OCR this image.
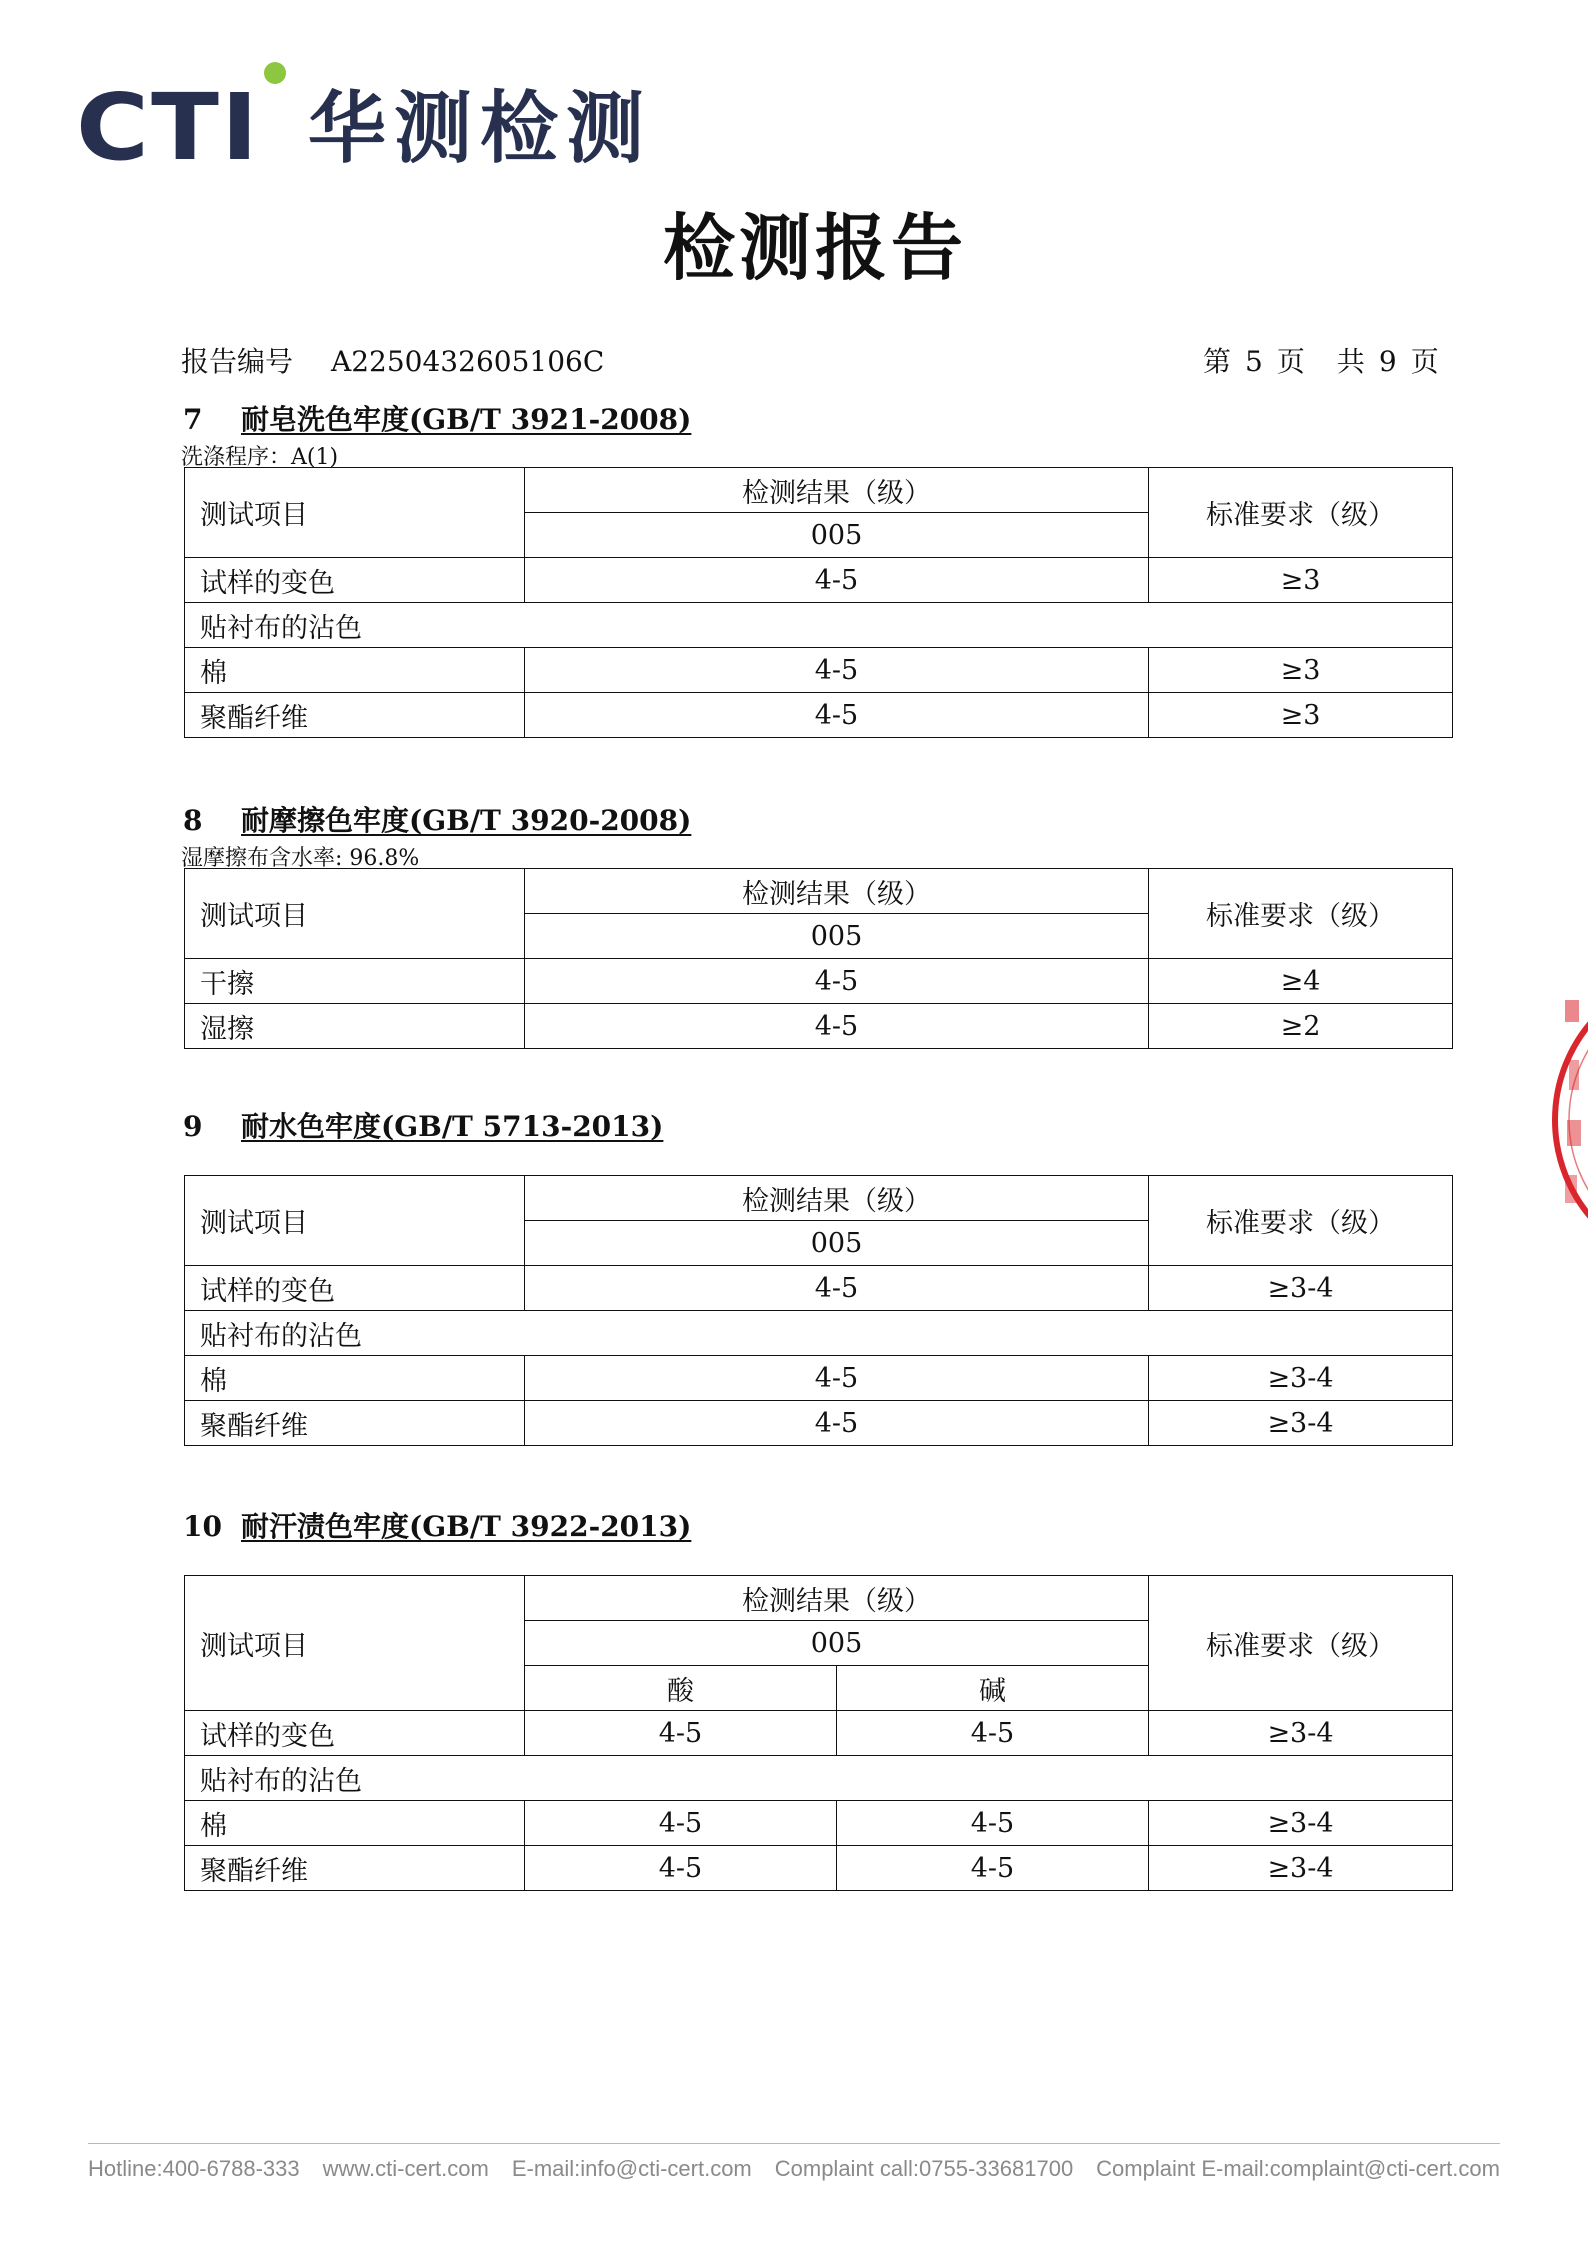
CTI 华测检测
检测报告
报告编号 A2250432605106C	第 5 页 共 9 页
7 耐皂洗色牢度(GB/T 3921-2008)
洗涤程序：A(1)
测试项目	检测结果（级）	标准要求（级）
	005	
试样的变色	4-5	≥3
贴衬布的沾色		
棉	4-5	≥3
聚酯纤维	4-5	≥3
8 耐摩擦色牢度(GB/T 3920-2008)
湿摩擦布含水率: 96.8%
测试项目	检测结果（级）	标准要求（级）
	005	
干擦	4-5	≥4
湿擦	4-5	≥2
9 耐水色牢度(GB/T 5713-2013)
测试项目	检测结果（级）	标准要求（级）
	005	
试样的变色	4-5	≥3-4
贴衬布的沾色		
棉	4-5	≥3-4
聚酯纤维	4-5	≥3-4
10 耐汗渍色牢度(GB/T 3922-2013)
测试项目	检测结果（级）		标准要求（级）
	005		
	酸	碱	
试样的变色	4-5	4-5	≥3-4
贴衬布的沾色			
棉	4-5	4-5	≥3-4
聚酯纤维	4-5	4-5	≥3-4
Hotline:400-6788-333 www.cti-cert.com E-mail:info@cti-cert.com Complaint call:0755-33681700 Complaint E-mail:complaint@cti-cert.com
